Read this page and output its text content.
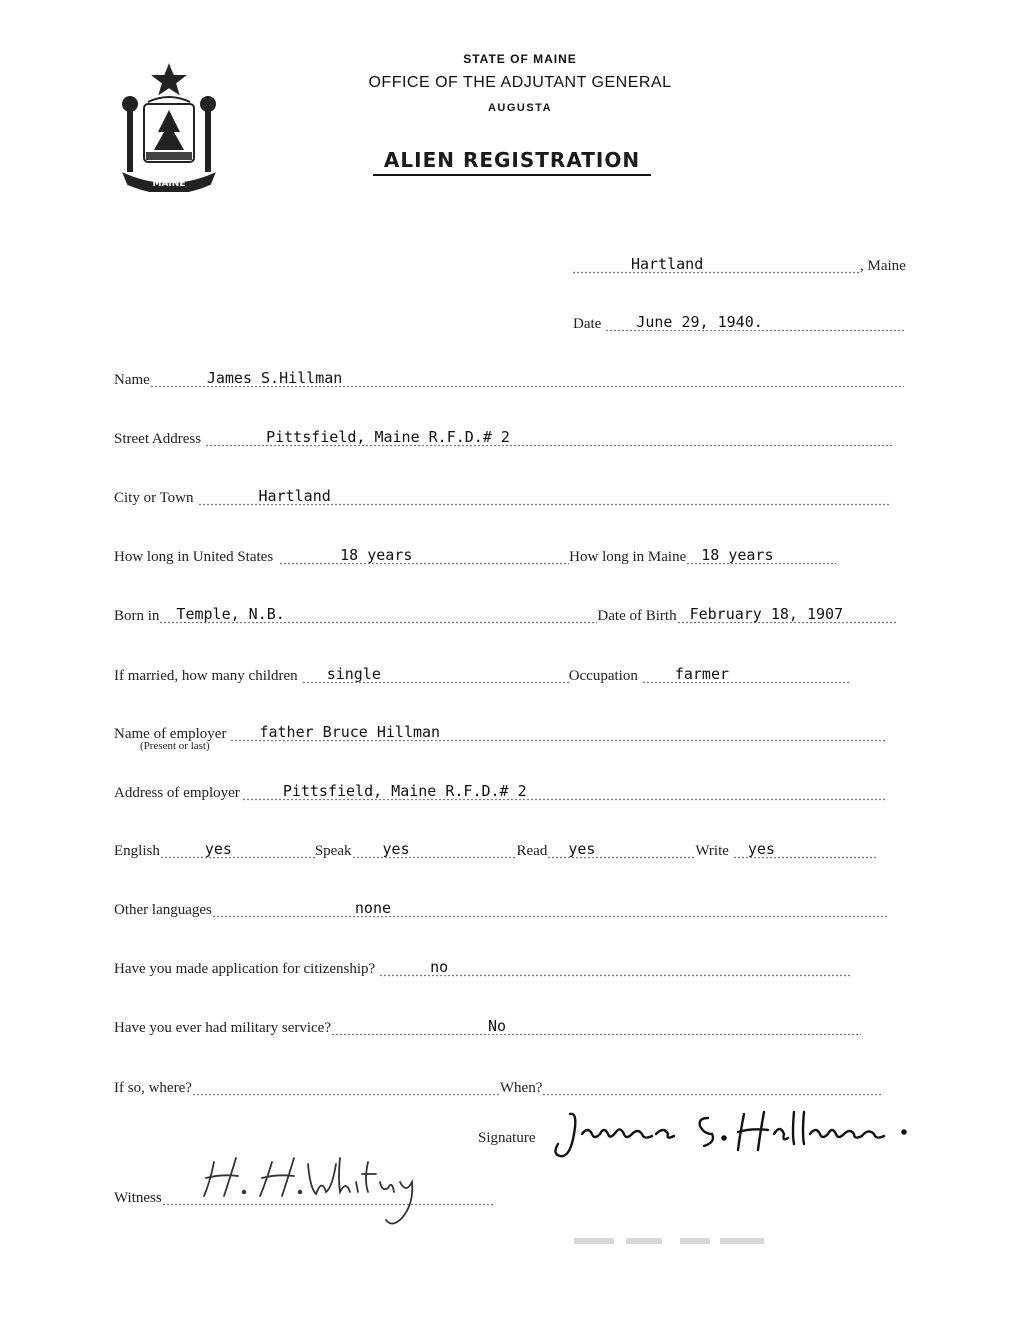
MAINE
STATE OF MAINE
OFFICE OF THE ADJUTANT GENERAL
AUGUSTA
ALIEN REGISTRATION
Hartland	, Maine
Date June 29, 1940.
Name	James S.Hillman
Street Address	Pittsfield, Maine R.F.D.# 2
City or Town	Hartland
How long in United States	18 years	How long in Maine 18 years
Born in Temple, N.B.	Date of Birth February 18, 1907
If married, how many children single	Occupation farmer
Name of employer father Bruce Hillman
(Present or last)
Address of employer	Pittsfield, Maine R.F.D.# 2
English	yes	Speak yes	Read yes	Write yes
Other languages	none
Have you made application for citizenship?	no
Have you ever had military service?	No
If so, where?	When?
Signature
Witness
